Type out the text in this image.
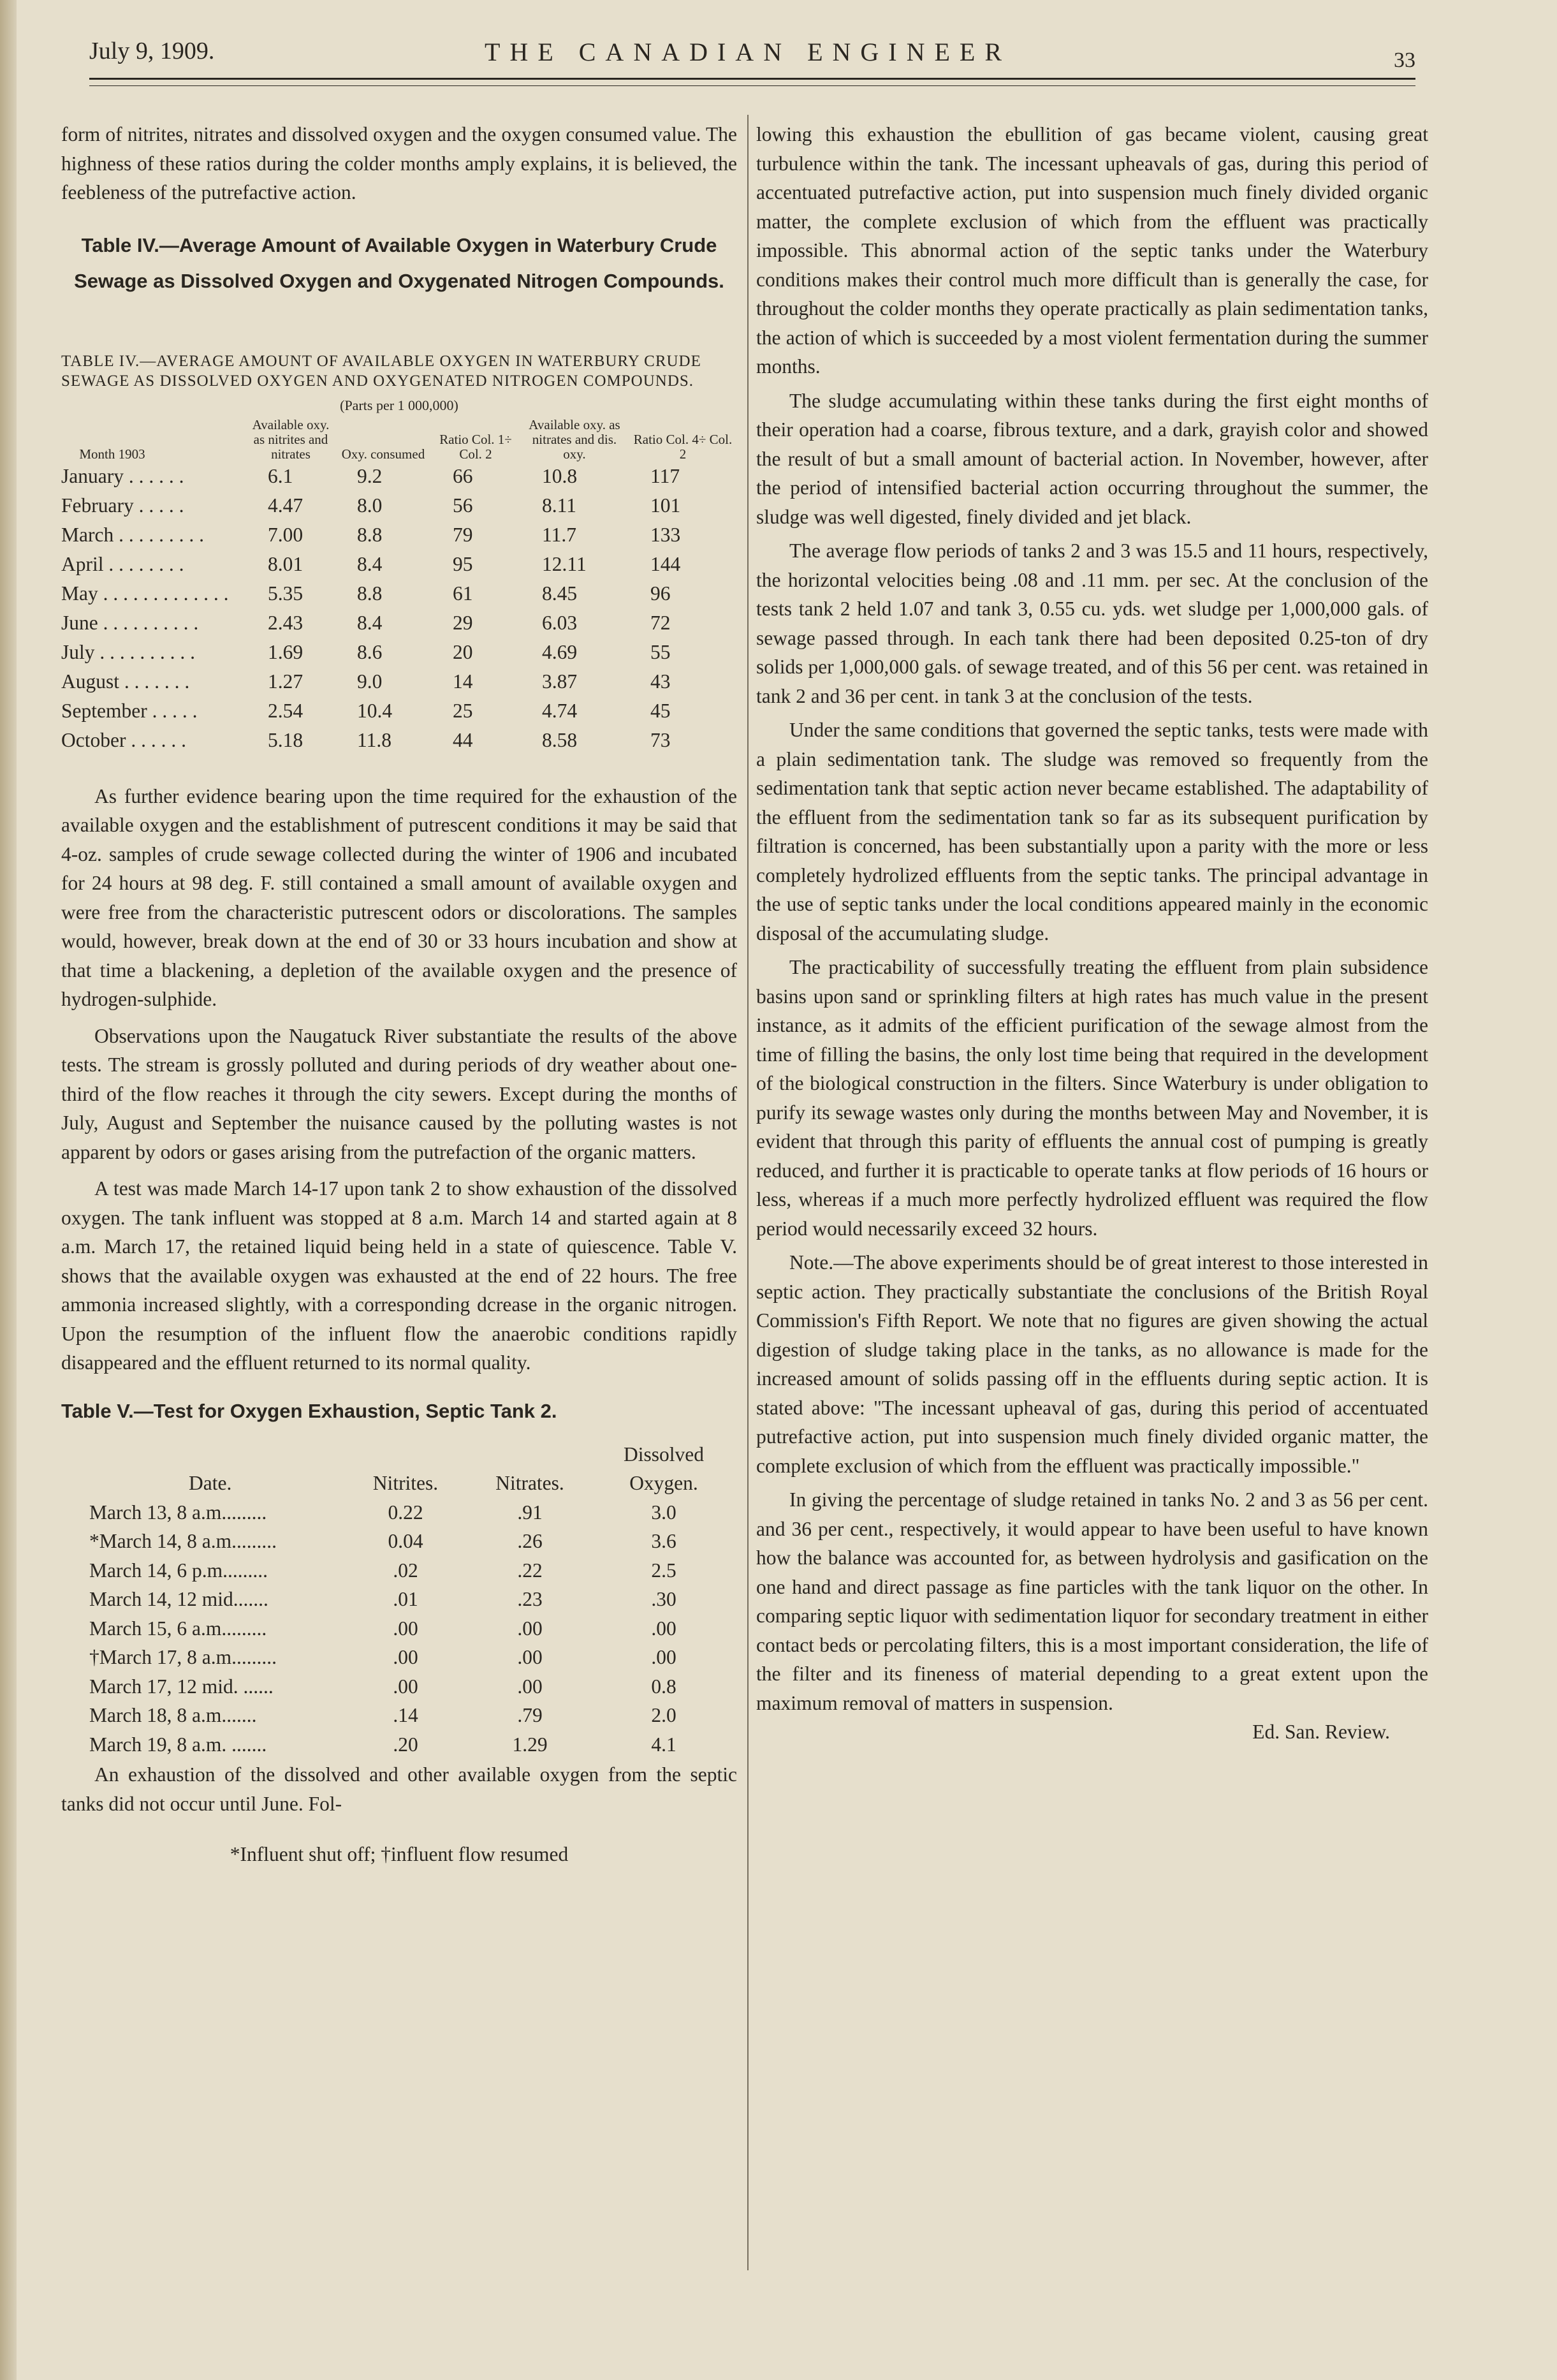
July 9, 1909.	THE CANADIAN ENGINEER	33

form of nitrites, nitrates and dissolved oxygen and the oxygen consumed value. The highness of these ratios during the colder months amply explains, it is believed, the feebleness of the putrefactive action.

Table IV.—Average Amount of Available Oxygen in Waterbury Crude Sewage as Dissolved Oxygen and Oxygenated Nitrogen Compounds.
TABLE IV.—AVERAGE AMOUNT OF AVAILABLE OXYGEN IN WATERBURY CRUDE SEWAGE AS DISSOLVED OXYGEN AND OXYGENATED NITROGEN COMPOUNDS.
(Parts per 1 000,000)
Month 1903	Available oxy. as nitrites and nitrates	Oxy. consumed	Ratio Col. 1÷ Col. 2	Available oxy. as nitrates and dis. oxy.	Ratio Col. 4÷ Col. 2

January . . . . . .	6.1	9.2	66	10.8	117
February . . . . .	4.47	8.0	56	8.11	101
March . . . . . . . . .	7.00	8.8	79	11.7	133
April . . . . . . . .	8.01	8.4	95	12.11	144
May . . . . . . . . . . . . .	5.35	8.8	61	8.45	96
June . . . . . . . . . .	2.43	8.4	29	6.03	72
July . . . . . . . . . .	1.69	8.6	20	4.69	55
August . . . . . . .	1.27	9.0	14	3.87	43
September . . . . .	2.54	10.4	25	4.74	45
October . . . . . .	5.18	11.8	44	8.58	73

As further evidence bearing upon the time required for the exhaustion of the available oxygen and the establishment of putrescent conditions it may be said that 4-oz. samples of crude sewage collected during the winter of 1906 and incubated for 24 hours at 98 deg. F. still contained a small amount of available oxygen and were free from the characteristic putrescent odors or discolorations. The samples would, however, break down at the end of 30 or 33 hours incubation and show at that time a blackening, a depletion of the available oxygen and the presence of hydrogen-sulphide.

Observations upon the Naugatuck River substantiate the results of the above tests. The stream is grossly polluted and during periods of dry weather about one-third of the flow reaches it through the city sewers. Except during the months of July, August and September the nuisance caused by the polluting wastes is not apparent by odors or gases arising from the putrefaction of the organic matters.

A test was made March 14-17 upon tank 2 to show exhaustion of the dissolved oxygen. The tank influent was stopped at 8 a.m. March 14 and started again at 8 a.m. March 17, the retained liquid being held in a state of quiescence. Table V. shows that the available oxygen was exhausted at the end of 22 hours. The free ammonia increased slightly, with a corresponding dcrease in the organic nitrogen. Upon the resumption of the influent flow the anaerobic conditions rapidly disappeared and the effluent returned to its normal quality.

Table V.—Test for Oxygen Exhaustion, Septic Tank 2.
			Dissolved
Date.	Nitrites.	Nitrates.	Oxygen.
March 13, 8 a.m.........	0.22	.91	3.0
*March 14, 8 a.m.........	0.04	.26	3.6
March 14, 6 p.m.........	.02	.22	2.5
March 14, 12 mid.......	.01	.23	.30
March 15, 6 a.m.........	.00	.00	.00
†March 17, 8 a.m.........	.00	.00	.00
March 17, 12 mid. ......	.00	.00	0.8
March 18, 8 a.m.......	.14	.79	2.0
March 19, 8 a.m. .......	.20	1.29	4.1

An exhaustion of the dissolved and other available oxygen from the septic tanks did not occur until June. Fol-

*Influent shut off; †influent flow resumed

lowing this exhaustion the ebullition of gas became violent, causing great turbulence within the tank. The incessant upheavals of gas, during this period of accentuated putrefactive action, put into suspension much finely divided organic matter, the complete exclusion of which from the effluent was practically impossible. This abnormal action of the septic tanks under the Waterbury conditions makes their control much more difficult than is generally the case, for throughout the colder months they operate practically as plain sedimentation tanks, the action of which is succeeded by a most violent fermentation during the summer months.

The sludge accumulating within these tanks during the first eight months of their operation had a coarse, fibrous texture, and a dark, grayish color and showed the result of but a small amount of bacterial action. In November, however, after the period of intensified bacterial action occurring throughout the summer, the sludge was well digested, finely divided and jet black.

The average flow periods of tanks 2 and 3 was 15.5 and 11 hours, respectively, the horizontal velocities being .08 and .11 mm. per sec. At the conclusion of the tests tank 2 held 1.07 and tank 3, 0.55 cu. yds. wet sludge per 1,000,000 gals. of sewage passed through. In each tank there had been deposited 0.25-ton of dry solids per 1,000,000 gals. of sewage treated, and of this 56 per cent. was retained in tank 2 and 36 per cent. in tank 3 at the conclusion of the tests.

Under the same conditions that governed the septic tanks, tests were made with a plain sedimentation tank. The sludge was removed so frequently from the sedimentation tank that septic action never became established. The adaptability of the effluent from the sedimentation tank so far as its subsequent purification by filtration is concerned, has been substantially upon a parity with the more or less completely hydrolized effluents from the septic tanks. The principal advantage in the use of septic tanks under the local conditions appeared mainly in the economic disposal of the accumulating sludge.

The practicability of successfully treating the effluent from plain subsidence basins upon sand or sprinkling filters at high rates has much value in the present instance, as it admits of the efficient purification of the sewage almost from the time of filling the basins, the only lost time being that required in the development of the biological construction in the filters. Since Waterbury is under obligation to purify its sewage wastes only during the months between May and November, it is evident that through this parity of effluents the annual cost of pumping is greatly reduced, and further it is practicable to operate tanks at flow periods of 16 hours or less, whereas if a much more perfectly hydrolized effluent was required the flow period would necessarily exceed 32 hours.

Note.—The above experiments should be of great interest to those interested in septic action. They practically substantiate the conclusions of the British Royal Commission's Fifth Report. We note that no figures are given showing the actual digestion of sludge taking place in the tanks, as no allowance is made for the increased amount of solids passing off in the effluents during septic action. It is stated above: "The incessant upheaval of gas, during this period of accentuated putrefactive action, put into suspension much finely divided organic matter, the complete exclusion of which from the effluent was practically impossible."

In giving the percentage of sludge retained in tanks No. 2 and 3 as 56 per cent. and 36 per cent., respectively, it would appear to have been useful to have known how the balance was accounted for, as between hydrolysis and gasification on the one hand and direct passage as fine particles with the tank liquor on the other. In comparing septic liquor with sedimentation liquor for secondary treatment in either contact beds or percolating filters, this is a most important consideration, the life of the filter and its fineness of material depending to a great extent upon the maximum removal of matters in suspension.

Ed. San. Review.
